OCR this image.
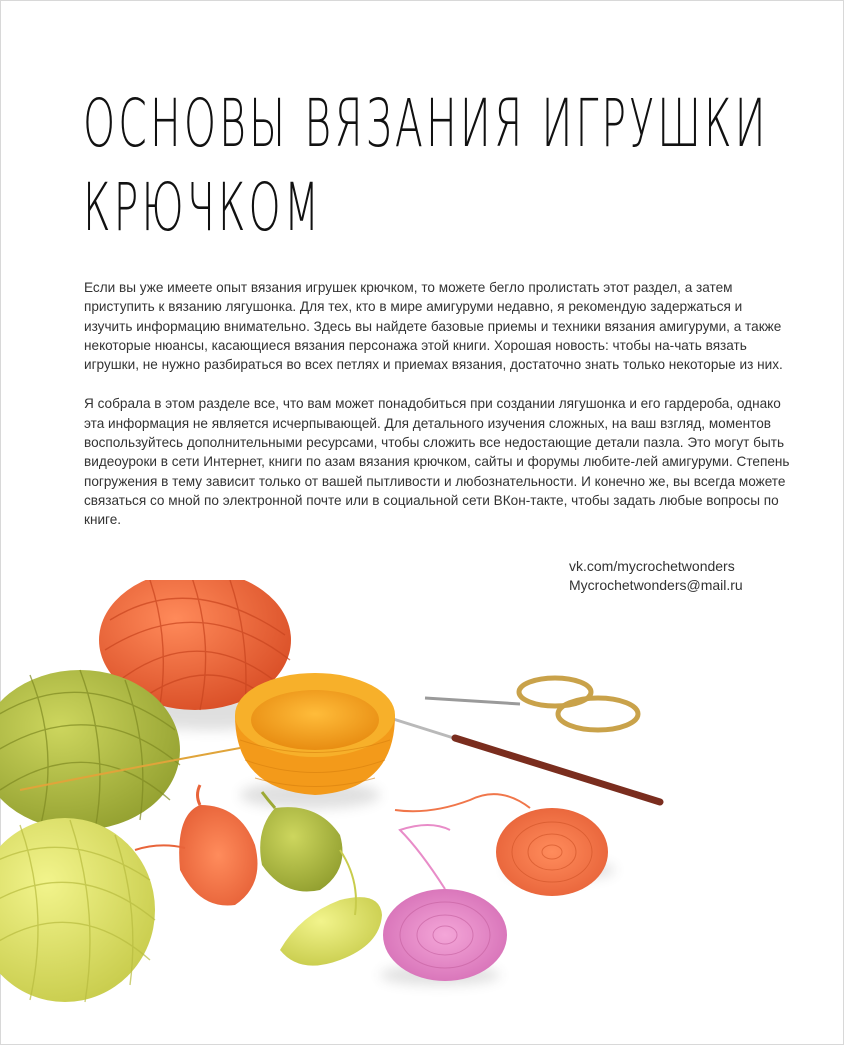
ОСНОВЫ ВЯЗАНИЯ ИГРУШКИ
КРЮЧКОМ

Если вы уже имеете опыт вязания игрушек крючком, то можете бегло пролистать этот раздел, а затем приступить к вязанию лягушонка. Для тех, кто в мире амигуруми недавно, я рекомендую задержаться и изучить информацию внимательно. Здесь вы найдете базовые приемы и техники вязания амигуруми, а также некоторые нюансы, касающиеся вязания персонажа этой книги. Хорошая новость: чтобы на-чать вязать игрушки, не нужно разбираться во всех петлях и приемах вязания, достаточно знать только некоторые из них.

Я собрала в этом разделе все, что вам может понадобиться при создании лягушонка и его гардероба, однако эта информация не является исчерпывающей. Для детального изучения сложных, на ваш взгляд, моментов воспользуйтесь дополнительными ресурсами, чтобы сложить все недостающие детали пазла. Это могут быть видеоуроки в сети Интернет, книги по азам вязания крючком, сайты и форумы любите-лей амигуруми. Степень погружения в тему зависит только от вашей пытливости и любознательности. И конечно же, вы всегда можете связаться со мной по электронной почте или в социальной сети ВКон-такте, чтобы задать любые вопросы по книге.

vk.com/mycrochetwonders
Mycrochetwonders@mail.ru
